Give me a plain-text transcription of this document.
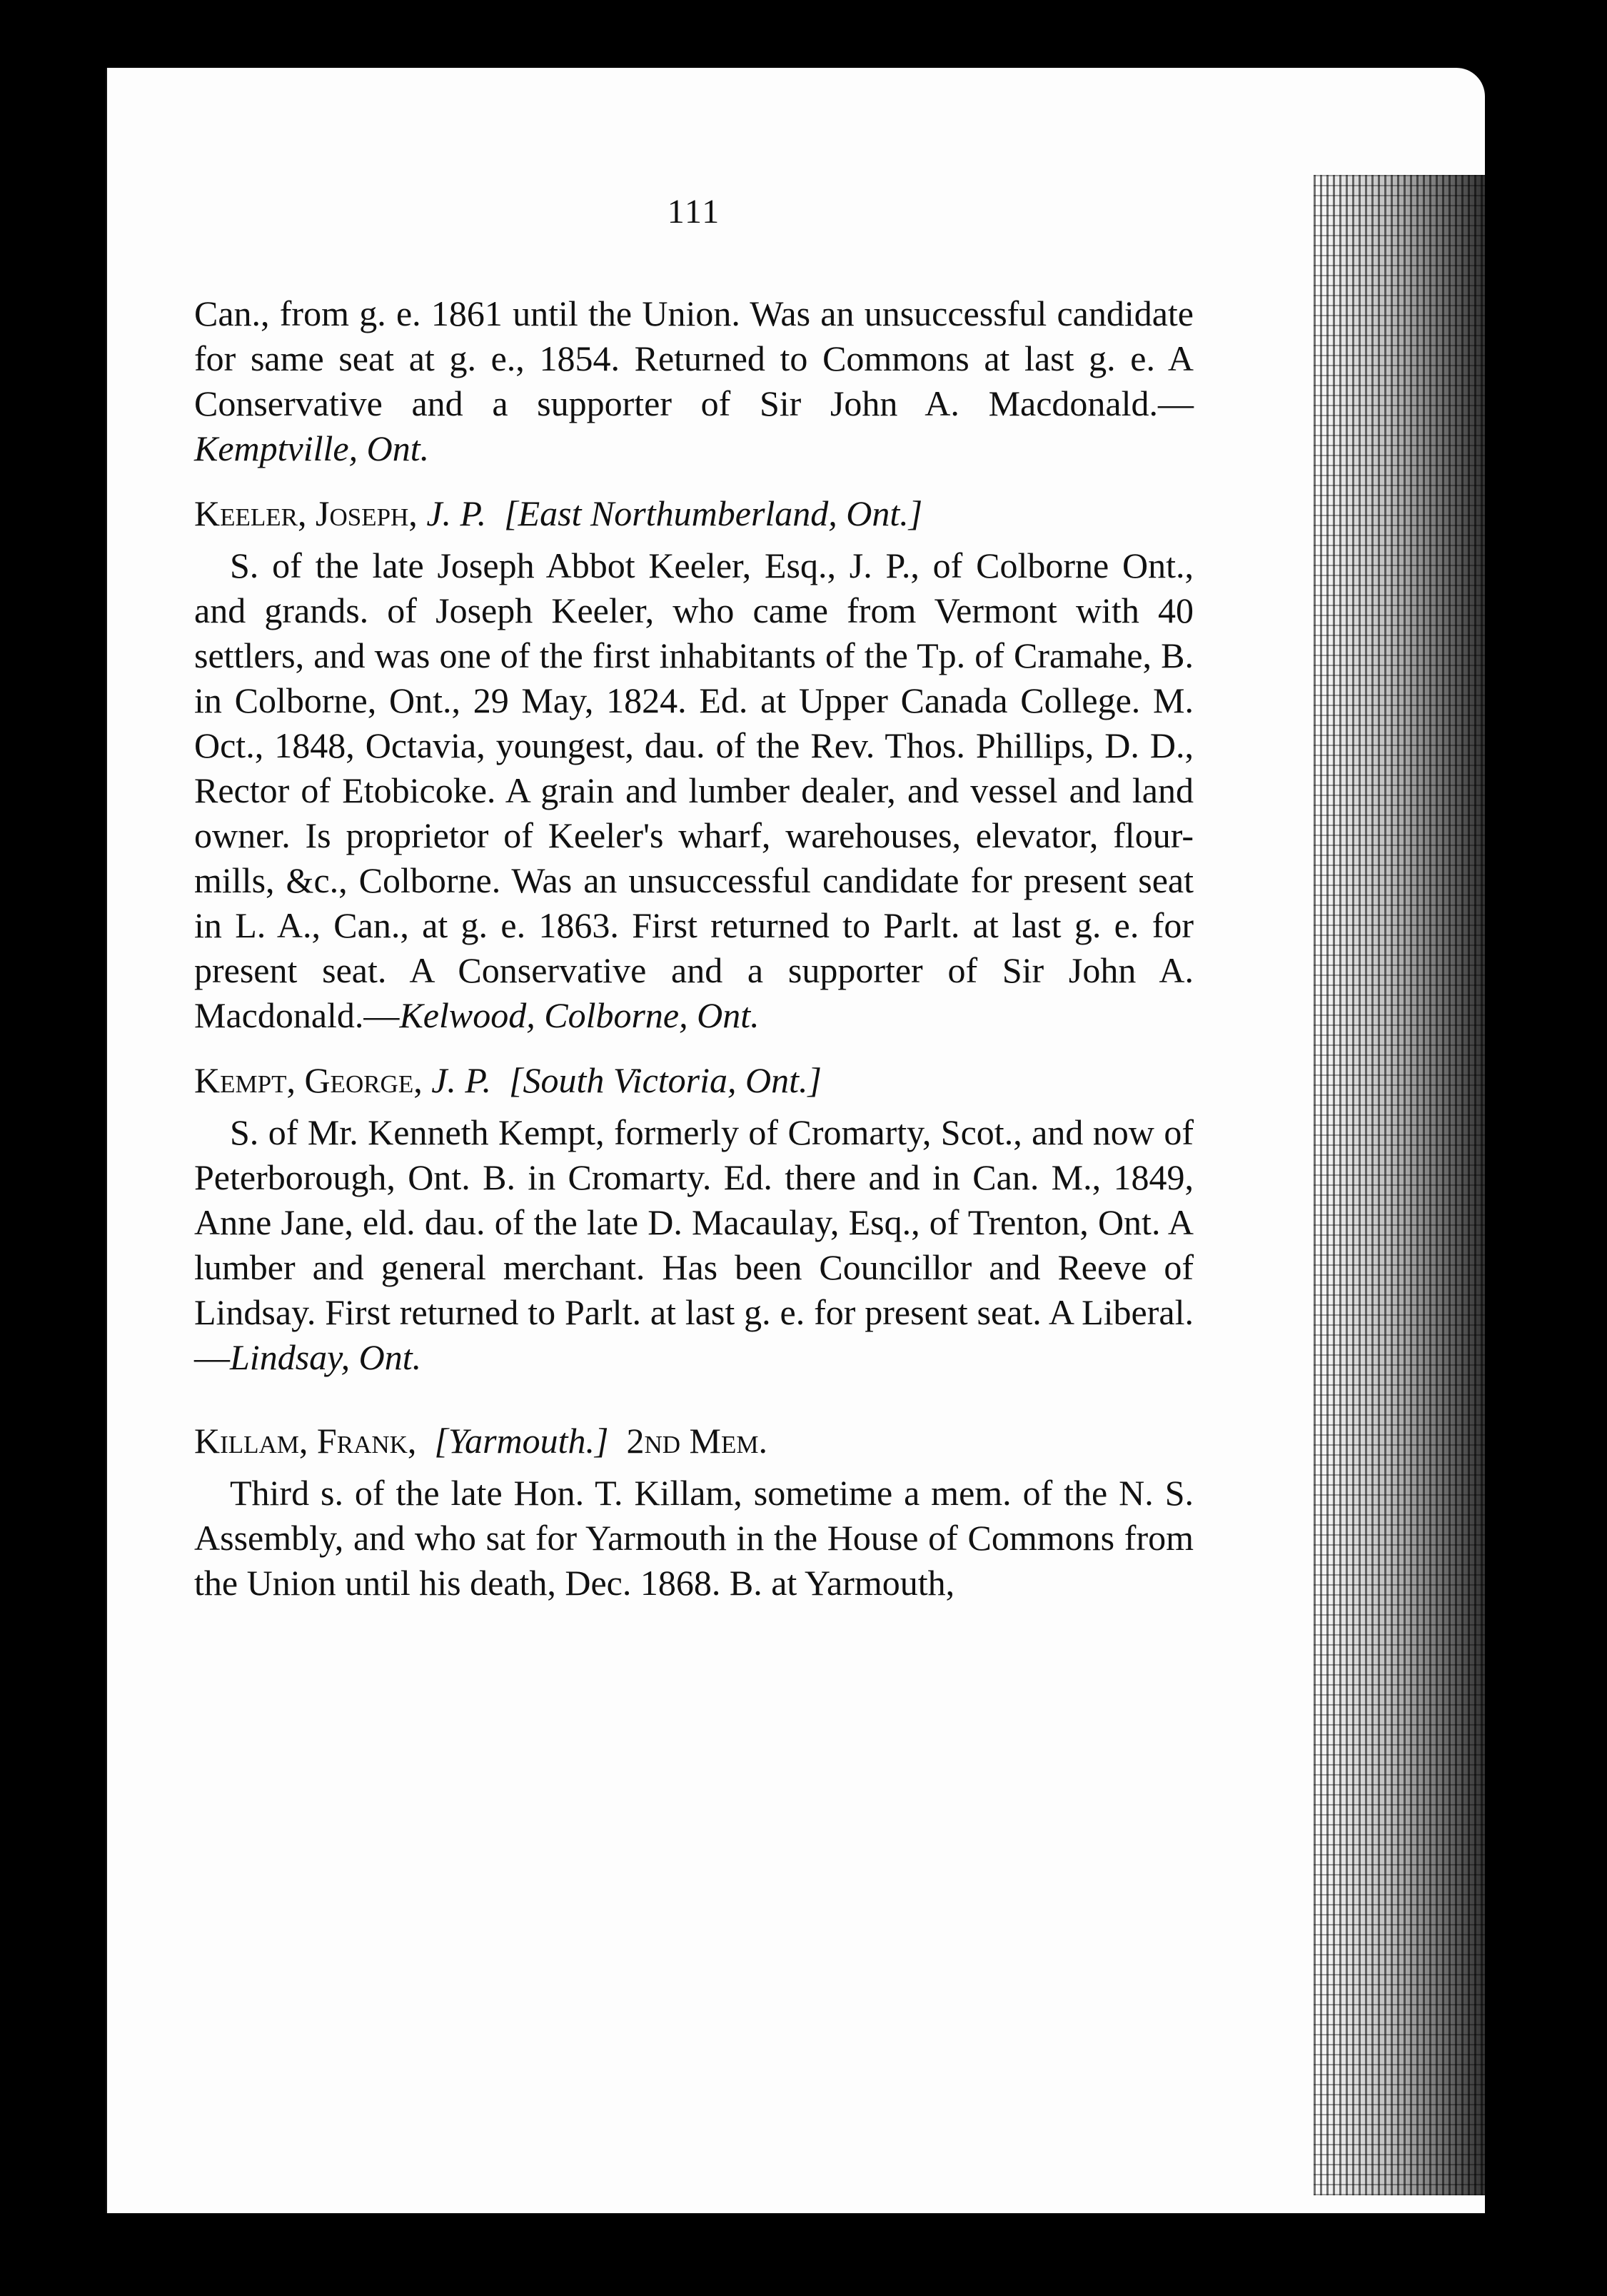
111

Can., from g. e. 1861 until the Union. Was an unsuccessful candidate for same seat at g. e., 1854. Returned to Commons at last g. e. A Conservative and a supporter of Sir John A. Macdonald.—Kemptville, Ont.

Keeler, Joseph, J. P. [East Northumberland, Ont.]

S. of the late Joseph Abbot Keeler, Esq., J. P., of Colborne Ont., and grands. of Joseph Keeler, who came from Vermont with 40 settlers, and was one of the first inhabitants of the Tp. of Cramahe, B. in Colborne, Ont., 29 May, 1824. Ed. at Upper Canada College. M. Oct., 1848, Octavia, youngest, dau. of the Rev. Thos. Phillips, D. D., Rector of Etobicoke. A grain and lumber dealer, and vessel and land owner. Is proprietor of Keeler's wharf, warehouses, elevator, flour-mills, &c., Colborne. Was an unsuccessful candidate for present seat in L. A., Can., at g. e. 1863. First returned to Parlt. at last g. e. for present seat. A Conservative and a supporter of Sir John A. Macdonald.—Kelwood, Colborne, Ont.

Kempt, George, J. P. [South Victoria, Ont.]

S. of Mr. Kenneth Kempt, formerly of Cromarty, Scot., and now of Peterborough, Ont. B. in Cromarty. Ed. there and in Can. M., 1849, Anne Jane, eld. dau. of the late D. Macaulay, Esq., of Trenton, Ont. A lumber and general merchant. Has been Councillor and Reeve of Lindsay. First returned to Parlt. at last g. e. for present seat. A Liberal.—Lindsay, Ont.

Killam, Frank, [Yarmouth.] 2nd Mem.

Third s. of the late Hon. T. Killam, sometime a mem. of the N. S. Assembly, and who sat for Yarmouth in the House of Commons from the Union until his death, Dec. 1868. B. at Yarmouth,
